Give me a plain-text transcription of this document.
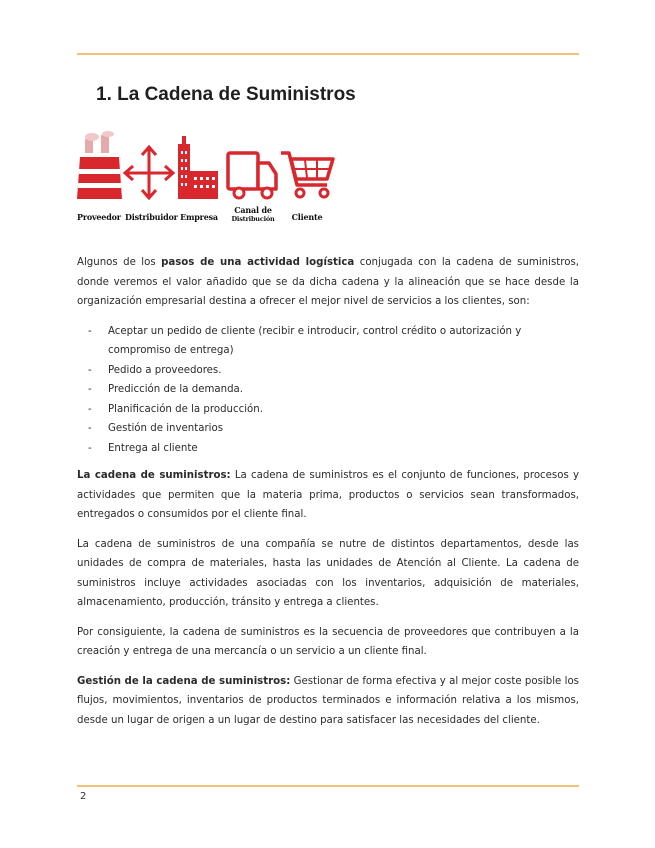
1. La Cadena de Suministros
Proveedor Distribuidor Empresa
Canal de
Distribución	Cliente

Algunos de los pasos de una actividad logística conjugada con la cadena de suministros, donde veremos el valor añadido que se da dicha cadena y la alineación que se hace desde la organización empresarial destina a ofrecer el mejor nivel de servicios a los clientes, son:

- Aceptar un pedido de cliente (recibir e introducir, control crédito o autorización y compromiso de entrega)
- Pedido a proveedores.
- Predicción de la demanda.
- Planificación de la producción.
- Gestión de inventarios
- Entrega al cliente

La cadena de suministros: La cadena de suministros es el conjunto de funciones, procesos y actividades que permiten que la materia prima, productos o servicios sean transformados, entregados o consumidos por el cliente final.

La cadena de suministros de una compañía se nutre de distintos departamentos, desde las unidades de compra de materiales, hasta las unidades de Atención al Cliente. La cadena de suministros incluye actividades asociadas con los inventarios, adquisición de materiales, almacenamiento, producción, tránsito y entrega a clientes.

Por consiguiente, la cadena de suministros es la secuencia de proveedores que contribuyen a la creación y entrega de una mercancía o un servicio a un cliente final.

Gestión de la cadena de suministros: Gestionar de forma efectiva y al mejor coste posible los flujos, movimientos, inventarios de productos terminados e información relativa a los mismos, desde un lugar de origen a un lugar de destino para satisfacer las necesidades del cliente.

2
